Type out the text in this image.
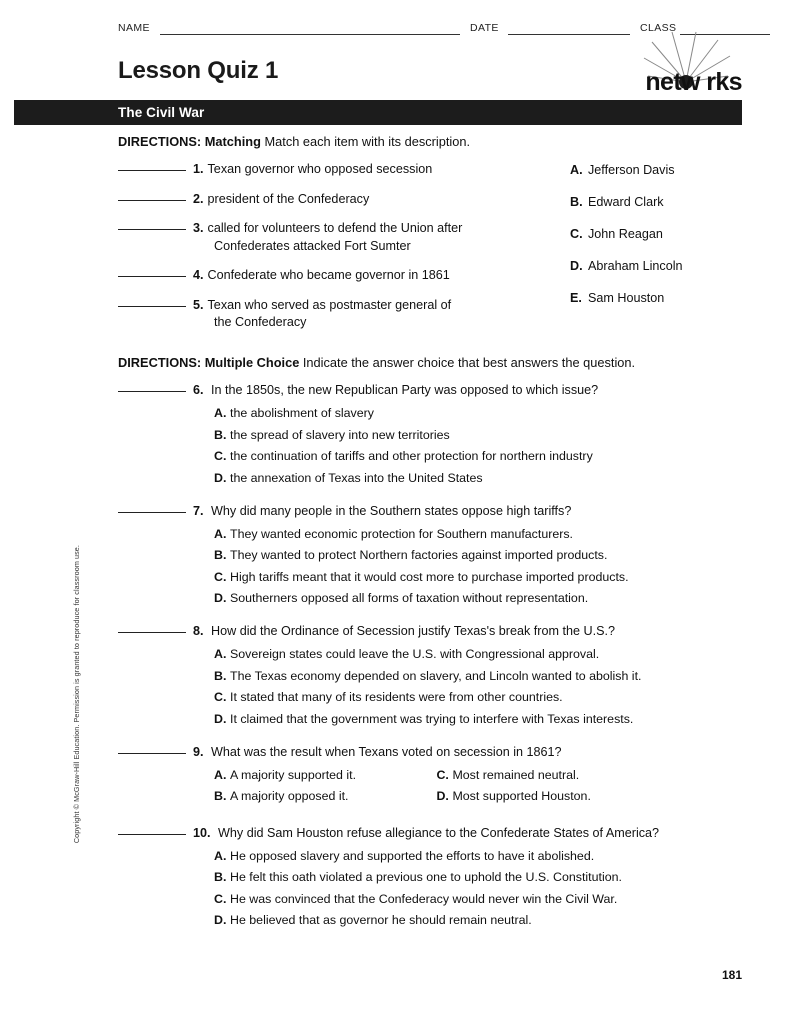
NAME	DATE	CLASS
Lesson Quiz 1	netw rks
The Civil War
Copyright © McGraw-Hill Education. Permission is granted to reproduce for classroom use.
DIRECTIONS: Matching Match each item with its description.
1. Texan governor who opposed secession
2. president of the Confederacy
3. called for volunteers to defend the Union after
Confederates attacked Fort Sumter
4. Confederate who became governor in 1861
5. Texan who served as postmaster general of
the Confederacy
A. Jefferson Davis
B. Edward Clark
C. John Reagan
D. Abraham Lincoln
E. Sam Houston
DIRECTIONS: Multiple Choice Indicate the answer choice that best answers the question.
6. In the 1850s, the new Republican Party was opposed to which issue?
A. the abolishment of slavery
B. the spread of slavery into new territories
C. the continuation of tariffs and other protection for northern industry
D. the annexation of Texas into the United States
7. Why did many people in the Southern states oppose high tariffs?
A. They wanted economic protection for Southern manufacturers.
B. They wanted to protect Northern factories against imported products.
C. High tariffs meant that it would cost more to purchase imported products.
D. Southerners opposed all forms of taxation without representation.
8. How did the Ordinance of Secession justify Texas's break from the U.S.?
A. Sovereign states could leave the U.S. with Congressional approval.
B. The Texas economy depended on slavery, and Lincoln wanted to abolish it.
C. It stated that many of its residents were from other countries.
D. It claimed that the government was trying to interfere with Texas interests.
9. What was the result when Texans voted on secession in 1861?
A. A majority supported it.	C. Most remained neutral. B. A majority opposed it.	D. Most supported Houston.
10. Why did Sam Houston refuse allegiance to the Confederate States of America?
A. He opposed slavery and supported the efforts to have it abolished.
B. He felt this oath violated a previous one to uphold the U.S. Constitution.
C. He was convinced that the Confederacy would never win the Civil War.
D. He believed that as governor he should remain neutral.
181
